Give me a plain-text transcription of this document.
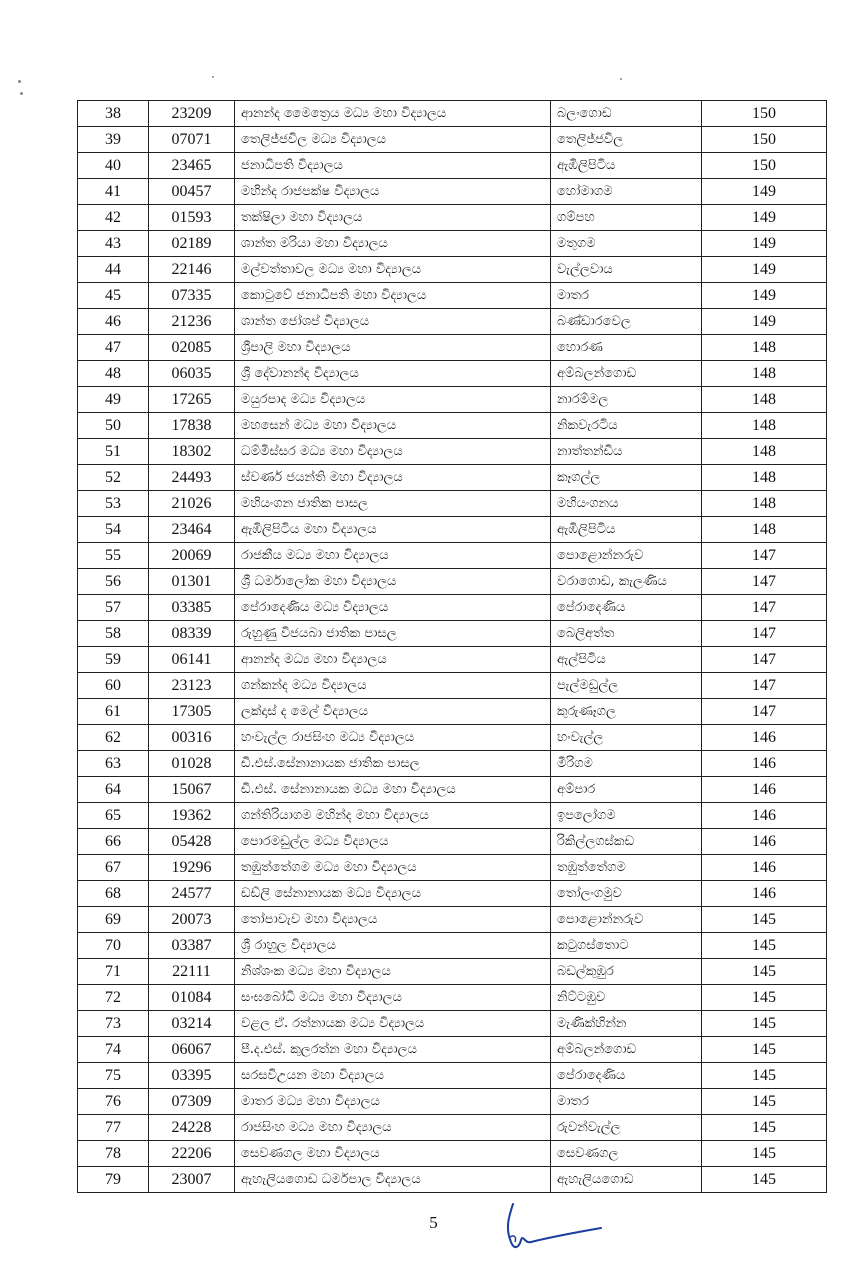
38	23209	ආනන්ද මෛත්‍රෙය මධ්‍ය මහා විද්‍යාලය	බලංගොඩ	150
39	07071	තෙලිජ්ජවිල මධ්‍ය විද්‍යාලය	තෙලිජ්ජවිල	150
40	23465	ජනාධිපති විද්‍යාලය	ඇඹිලිපිටිය	150
41	00457	මහින්ද රාජපක්ෂ විද්‍යාලය	හෝමාගම	149
42	01593	තක්ෂිලා මහා විද්‍යාලය	ගම්පහ	149
43	02189	ශාන්ත මරියා මහා විද්‍යාලය	මතුගම	149
44	22146	මල්වත්තාවල මධ්‍ය මහා විද්‍යාලය	වැල්ලවාය	149
45	07335	කොටුවේ ජනාධිපති මහා විද්‍යාලය	මාතර	149
46	21236	ශාන්ත ජෝශප් විද්‍යාලය	බණ්ඩාරවෙල	149
47	02085	ශ්‍රීපාලි මහා විද්‍යාලය	හොරණ	148
48	06035	ශ්‍රී දේවානන්ද විද්‍යාලය	අම්බලන්ගොඩ	148
49	17265	මයුරපාද මධ්‍ය විද්‍යාලය	නාරම්මල	148
50	17838	මහසෙන් මධ්‍ය මහා විද්‍යාලය	නිකවැරටිය	148
51	18302	ධම්මිස්සර මධ්‍ය මහා විද්‍යාලය	නාත්තන්ඩිය	148
52	24493	ස්වර්ණ ජයන්ති මහා විද්‍යාලය	කෑගල්ල	148
53	21026	මහියංගන ජාතික පාසල	මහියංගනය	148
54	23464	ඇඹිලිපිටිය මහා විද්‍යාලය	ඇඹිලිපිටිය	148
55	20069	රාජකීය මධ්‍ය මහා විද්‍යාලය	පොළොන්නරුව	147
56	01301	ශ්‍රී ධර්මාලෝක මහා විද්‍යාලය	වරාගොඩ, කැලණිය	147
57	03385	පේරාදෙණිය මධ්‍ය විද්‍යාලය	පේරාදෙණිය	147
58	08339	රුහුණු විජයබා ජාතික පාසල	බෙලිඅත්ත	147
59	06141	ආනන්ද මධ්‍ය මහා විද්‍යාලය	ඇල්පිටිය	147
60	23123	ගන්කන්ද මධ්‍ය විද්‍යාලය	පැල්මඩුල්ල	147
61	17305	ලක්දාස් ද මෙල් විද්‍යාලය	කුරුණෑගල	147
62	00316	හංවැල්ල රාජසිංහ මධ්‍ය විද්‍යාලය	හංවැල්ල	146
63	01028	ඩී.එස්.සේනානායක ජාතික පාසල	මීරිගම	146
64	15067	ඩී.එස්. සේනානායක මධ්‍ය මහා විද්‍යාලය	අම්පාර	146
65	19362	ගන්තිරියාගම මහින්ද මහා විද්‍යාලය	ඉපලෝගම	146
66	05428	පොරමඩුල්ල මධ්‍ය විද්‍යාලය	රිකිල්ලගස්කඩ	146
67	19296	තඹුත්තේගම මධ්‍ය මහා විද්‍යාලය	තඹුත්තේගම	146
68	24577	ඩඩ්ලි සේනානායක මධ්‍ය විද්‍යාලය	තෝලංගමුව	146
69	20073	තෝපාවැව මහා විද්‍යාලය	පොළොන්නරුව	145
70	03387	ශ්‍රී රාහුල විද්‍යාලය	කටුගස්තොට	145
71	22111	නිශ්ශංක මධ්‍ය මහා විද්‍යාලය	බඩල්කුඹුර	145
72	01084	සංඝබෝධි මධ්‍ය මහා විද්‍යාලය	නිට්ටඹුව	145
73	03214	වළල ඒ. රත්නායක මධ්‍ය විද්‍යාලය	මැණික්හින්න	145
74	06067	පී.ද.එස්. කුලරත්න මහා විද්‍යාලය	අම්බලන්ගොඩ	145
75	03395	සරසවිඋයන මහා විද්‍යාලය	පේරාදෙණිය	145
76	07309	මාතර මධ්‍ය මහා විද්‍යාලය	මාතර	145
77	24228	රාජසිංහ මධ්‍ය මහා විද්‍යාලය	රුවන්වැල්ල	145
78	22206	සෙවණගල මහා විද්‍යාලය	සෙවණගල	145
79	23007	ඇහැලියගොඩ ධර්මපාල විද්‍යාලය	ඇහැලියගොඩ	145
5
